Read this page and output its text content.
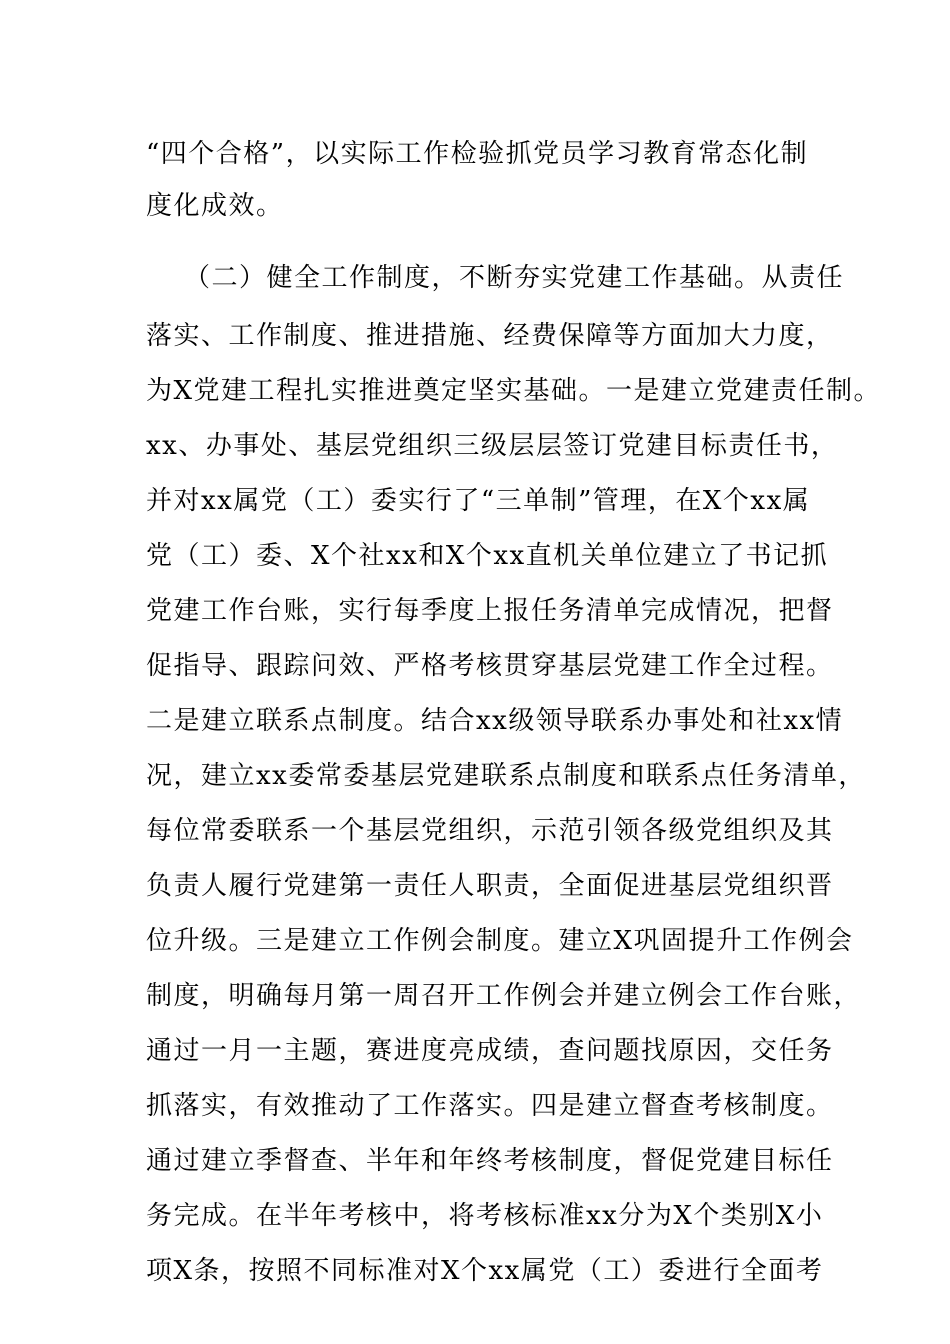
“四个合格”，以实际工作检验抓党员学习教育常态化制
度化成效。
（二）健全工作制度，不断夯实党建工作基础。从责任
落实、工作制度、推进措施、经费保障等方面加大力度，
为X党建工程扎实推进奠定坚实基础。一是建立党建责任制。
xx、办事处、基层党组织三级层层签订党建目标责任书，
并对xx属党（工）委实行了“三单制”管理，在X个xx属
党（工）委、X个社xx和X个xx直机关单位建立了书记抓
党建工作台账，实行每季度上报任务清单完成情况，把督
促指导、跟踪问效、严格考核贯穿基层党建工作全过程。
二是建立联系点制度。结合xx级领导联系办事处和社xx情
况，建立xx委常委基层党建联系点制度和联系点任务清单，
每位常委联系一个基层党组织，示范引领各级党组织及其
负责人履行党建第一责任人职责，全面促进基层党组织晋
位升级。三是建立工作例会制度。建立X巩固提升工作例会
制度，明确每月第一周召开工作例会并建立例会工作台账，
通过一月一主题，赛进度亮成绩，查问题找原因，交任务
抓落实，有效推动了工作落实。四是建立督查考核制度。
通过建立季督查、半年和年终考核制度，督促党建目标任
务完成。在半年考核中，将考核标准xx分为X个类别X小
项X条，按照不同标准对X个xx属党（工）委进行全面考
